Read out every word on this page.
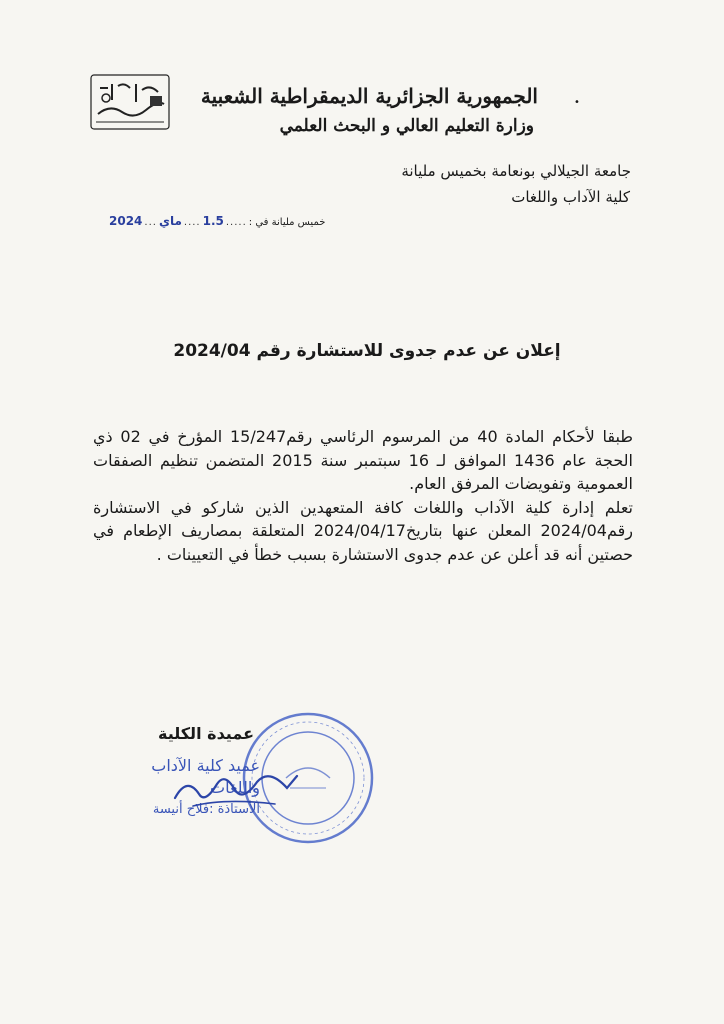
•
الجمهورية الجزائرية الديمقراطية الشعبية
وزارة التعليم العالي و البحث العلمي
جامعة الجيلالي بونعامة بخميس مليانة
كلية الآداب واللغات
خميس مليانة في :
.....
1.5
....
ماي
...
2024
إعلان عن عدم جدوى للاستشارة رقم 2024/04

طبقا لأحكام المادة 40 من المرسوم الرئاسي رقم15/247 المؤرخ في 02 ذي الحجة عام 1436 الموافق لـ 16 سبتمبر سنة 2015 المتضمن تنظيم الصفقات العمومية وتفويضات المرفق العام.

تعلم إدارة كلية الآداب واللغات كافة المتعهدين الذين شاركو في الاستشارة رقم2024/04 المعلن عنها بتاريخ2024/04/17 المتعلقة بمصاريف الإطعام في حصتين أنه قد أعلن عن عدم جدوى الاستشارة بسبب خطأ في التعيينات .

عميدة الكلية
عميد كلية الآداب
واللغات
الأستاذة :فلاح أنيسة
